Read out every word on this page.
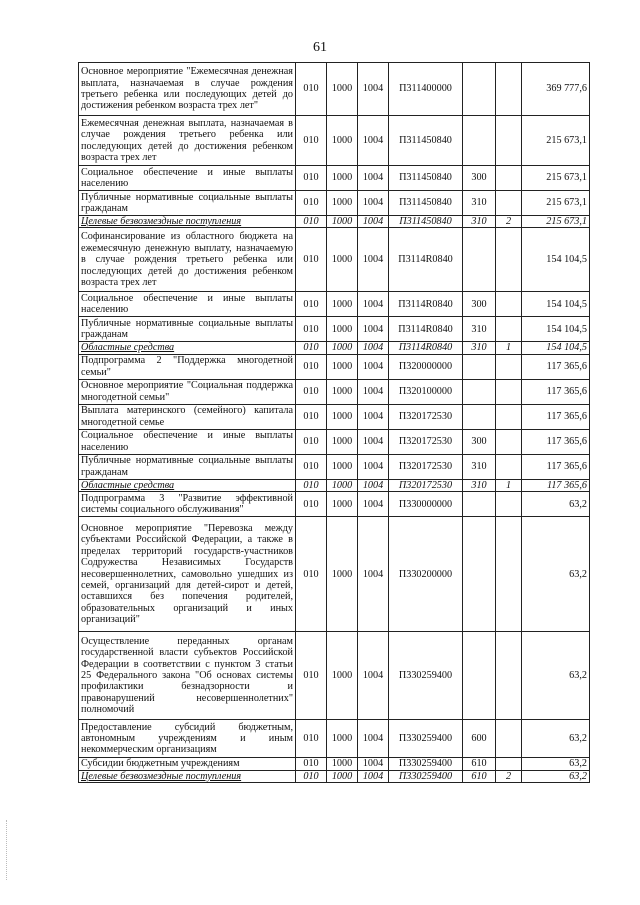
61
Основное мероприятие "Ежемесячная денежная выплата, назначаемая в случае рождения третьего ребенка или последующих детей до достижения ребенком возраста трех лет"	010	1000	1004	П311400000			369 777,6
Ежемесячная денежная выплата, назначаемая в случае рождения третьего ребенка или последующих детей до достижения ребенком возраста трех лет	010	1000	1004	П311450840			215 673,1
Социальное обеспечение и иные выплаты населению	010	1000	1004	П311450840	300		215 673,1
Публичные нормативные социальные выплаты гражданам	010	1000	1004	П311450840	310		215 673,1
Целевые безвозмездные поступления	010	1000	1004	П311450840	310	2	215 673,1
Софинансирование из областного бюджета на ежемесячную денежную выплату, назначаемую в случае рождения третьего ребенка или последующих детей до достижения ребенком возраста трех лет	010	1000	1004	П3114R0840			154 104,5
Социальное обеспечение и иные выплаты населению	010	1000	1004	П3114R0840	300		154 104,5
Публичные нормативные социальные выплаты гражданам	010	1000	1004	П3114R0840	310		154 104,5
Областные средства	010	1000	1004	П3114R0840	310	1	154 104,5
Подпрограмма 2 "Поддержка многодетной семьи"	010	1000	1004	П320000000			117 365,6
Основное мероприятие "Социальная поддержка многодетной семьи"	010	1000	1004	П320100000			117 365,6
Выплата материнского (семейного) капитала многодетной семье	010	1000	1004	П320172530			117 365,6
Социальное обеспечение и иные выплаты населению	010	1000	1004	П320172530	300		117 365,6
Публичные нормативные социальные выплаты гражданам	010	1000	1004	П320172530	310		117 365,6
Областные средства	010	1000	1004	П320172530	310	1	117 365,6
Подпрограмма 3 "Развитие эффективной системы социального обслуживания"	010	1000	1004	П330000000			63,2
Основное мероприятие "Перевозка между субъектами Российской Федерации, а также в пределах территорий государств-участников Содружества Независимых Государств несовершеннолетних, самовольно ушедших из семей, организаций для детей-сирот и детей, оставшихся без попечения родителей, образовательных организаций и иных организаций"	010	1000	1004	П330200000			63,2
Осуществление переданных органам государственной власти субъектов Российской Федерации в соответствии с пунктом 3 статьи 25 Федерального закона "Об основах системы профилактики безнадзорности и правонарушений несовершеннолетних" полномочий	010	1000	1004	П330259400			63,2
Предоставление субсидий бюджетным, автономным учреждениям и иным некоммерческим организациям	010	1000	1004	П330259400	600		63,2
Субсидии бюджетным учреждениям	010	1000	1004	П330259400	610		63,2
Целевые безвозмездные поступления	010	1000	1004	П330259400	610	2	63,2
